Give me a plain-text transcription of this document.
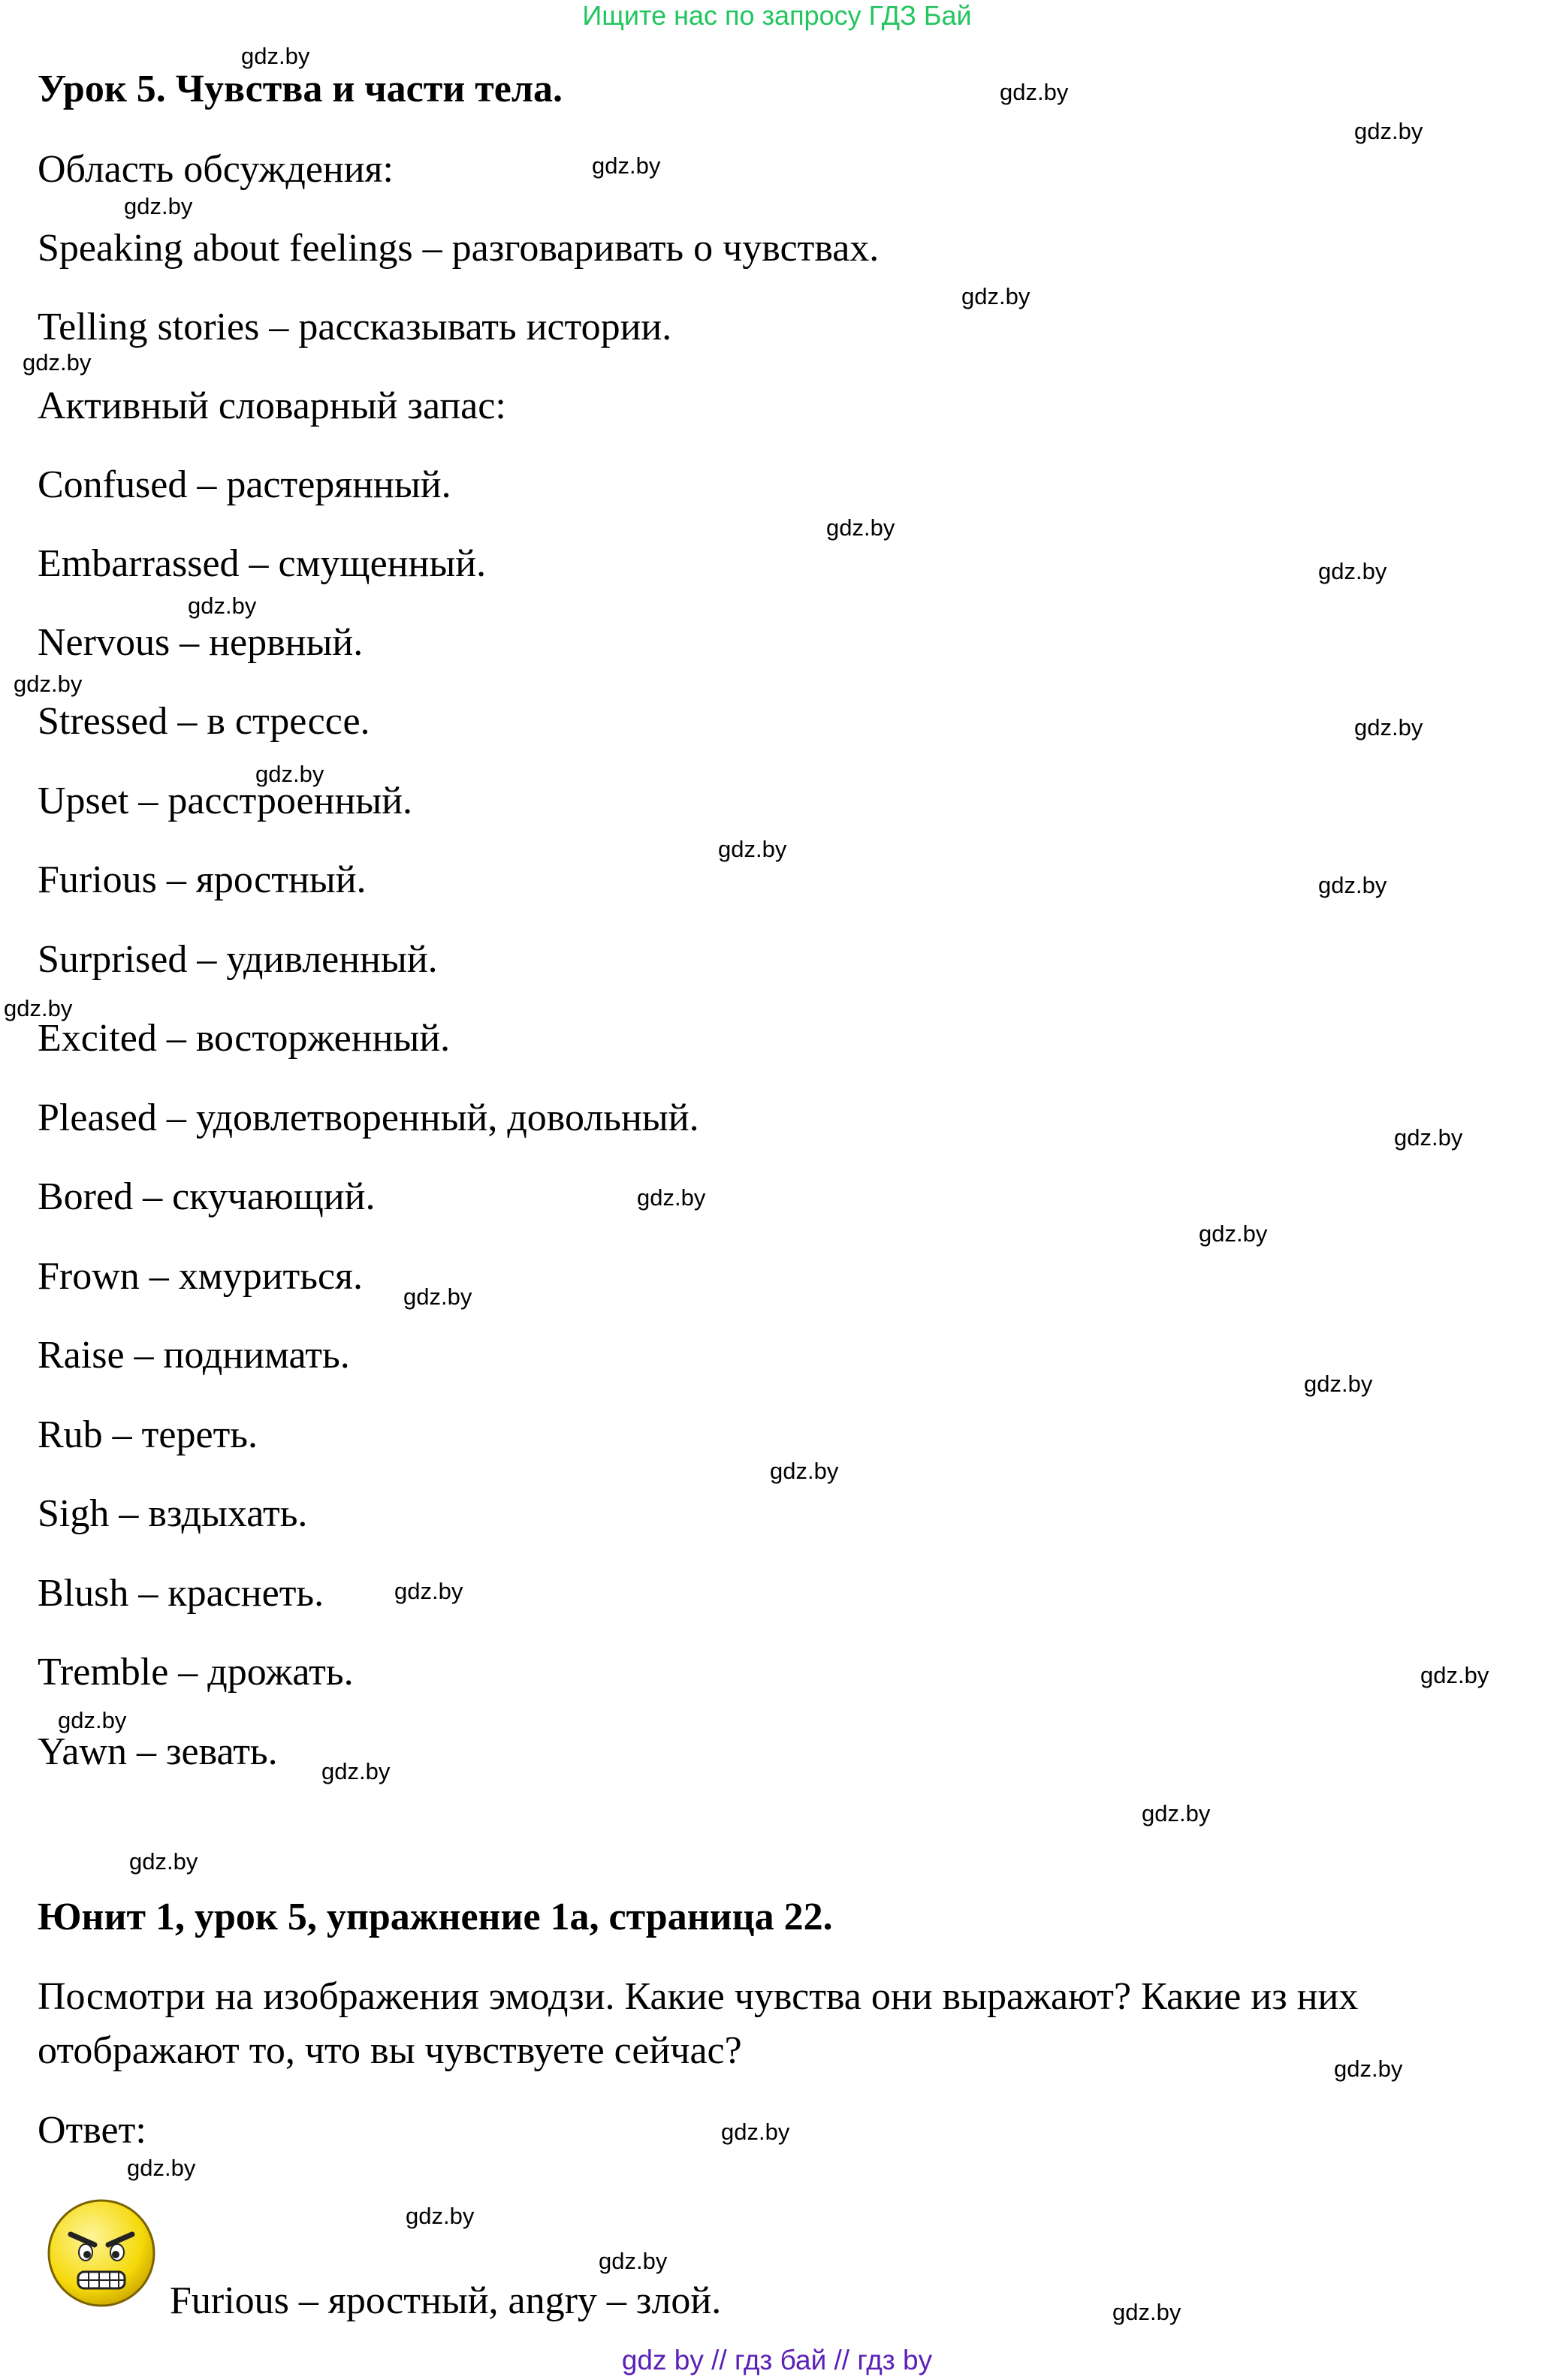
Ищите нас по запросу ГДЗ Бай
Урок 5. Чувства и части тела.
Область обсуждения:
Speaking about feelings – разговаривать о чувствах.
Telling stories – рассказывать истории.
Активный словарный запас:
Confused – растерянный.
Embarrassed – смущенный.
Nervous – нервный.
Stressed – в стрессе.
Upset – расстроенный.
Furious – яростный.
Surprised – удивленный.
Excited – восторженный.
Pleased – удовлетворенный, довольный.
Bored – скучающий.
Frown – хмуриться.
Raise – поднимать.
Rub – тереть.
Sigh – вздыхать.
Blush – краснеть.
Tremble – дрожать.
Yawn – зевать.
Юнит 1, урок 5, упражнение 1а, страница 22.
Посмотри на изображения эмодзи. Какие чувства они выражают? Какие из них отображают то, что вы чувствуете сейчас?
Ответ:
Furious – яростный, angry – злой.
gdz.by
gdz.by
gdz.by
gdz.by
gdz.by
gdz.by
gdz.by
gdz.by
gdz.by
gdz.by
gdz.by
gdz.by
gdz.by
gdz.by
gdz.by
gdz.by
gdz.by
gdz.by
gdz.by
gdz.by
gdz.by
gdz.by
gdz.by
gdz.by
gdz.by
gdz.by
gdz.by
gdz.by
gdz.by
gdz.by
gdz.by
gdz.by
gdz.by
gdz.by
gdz by // гдз бай // гдз by
